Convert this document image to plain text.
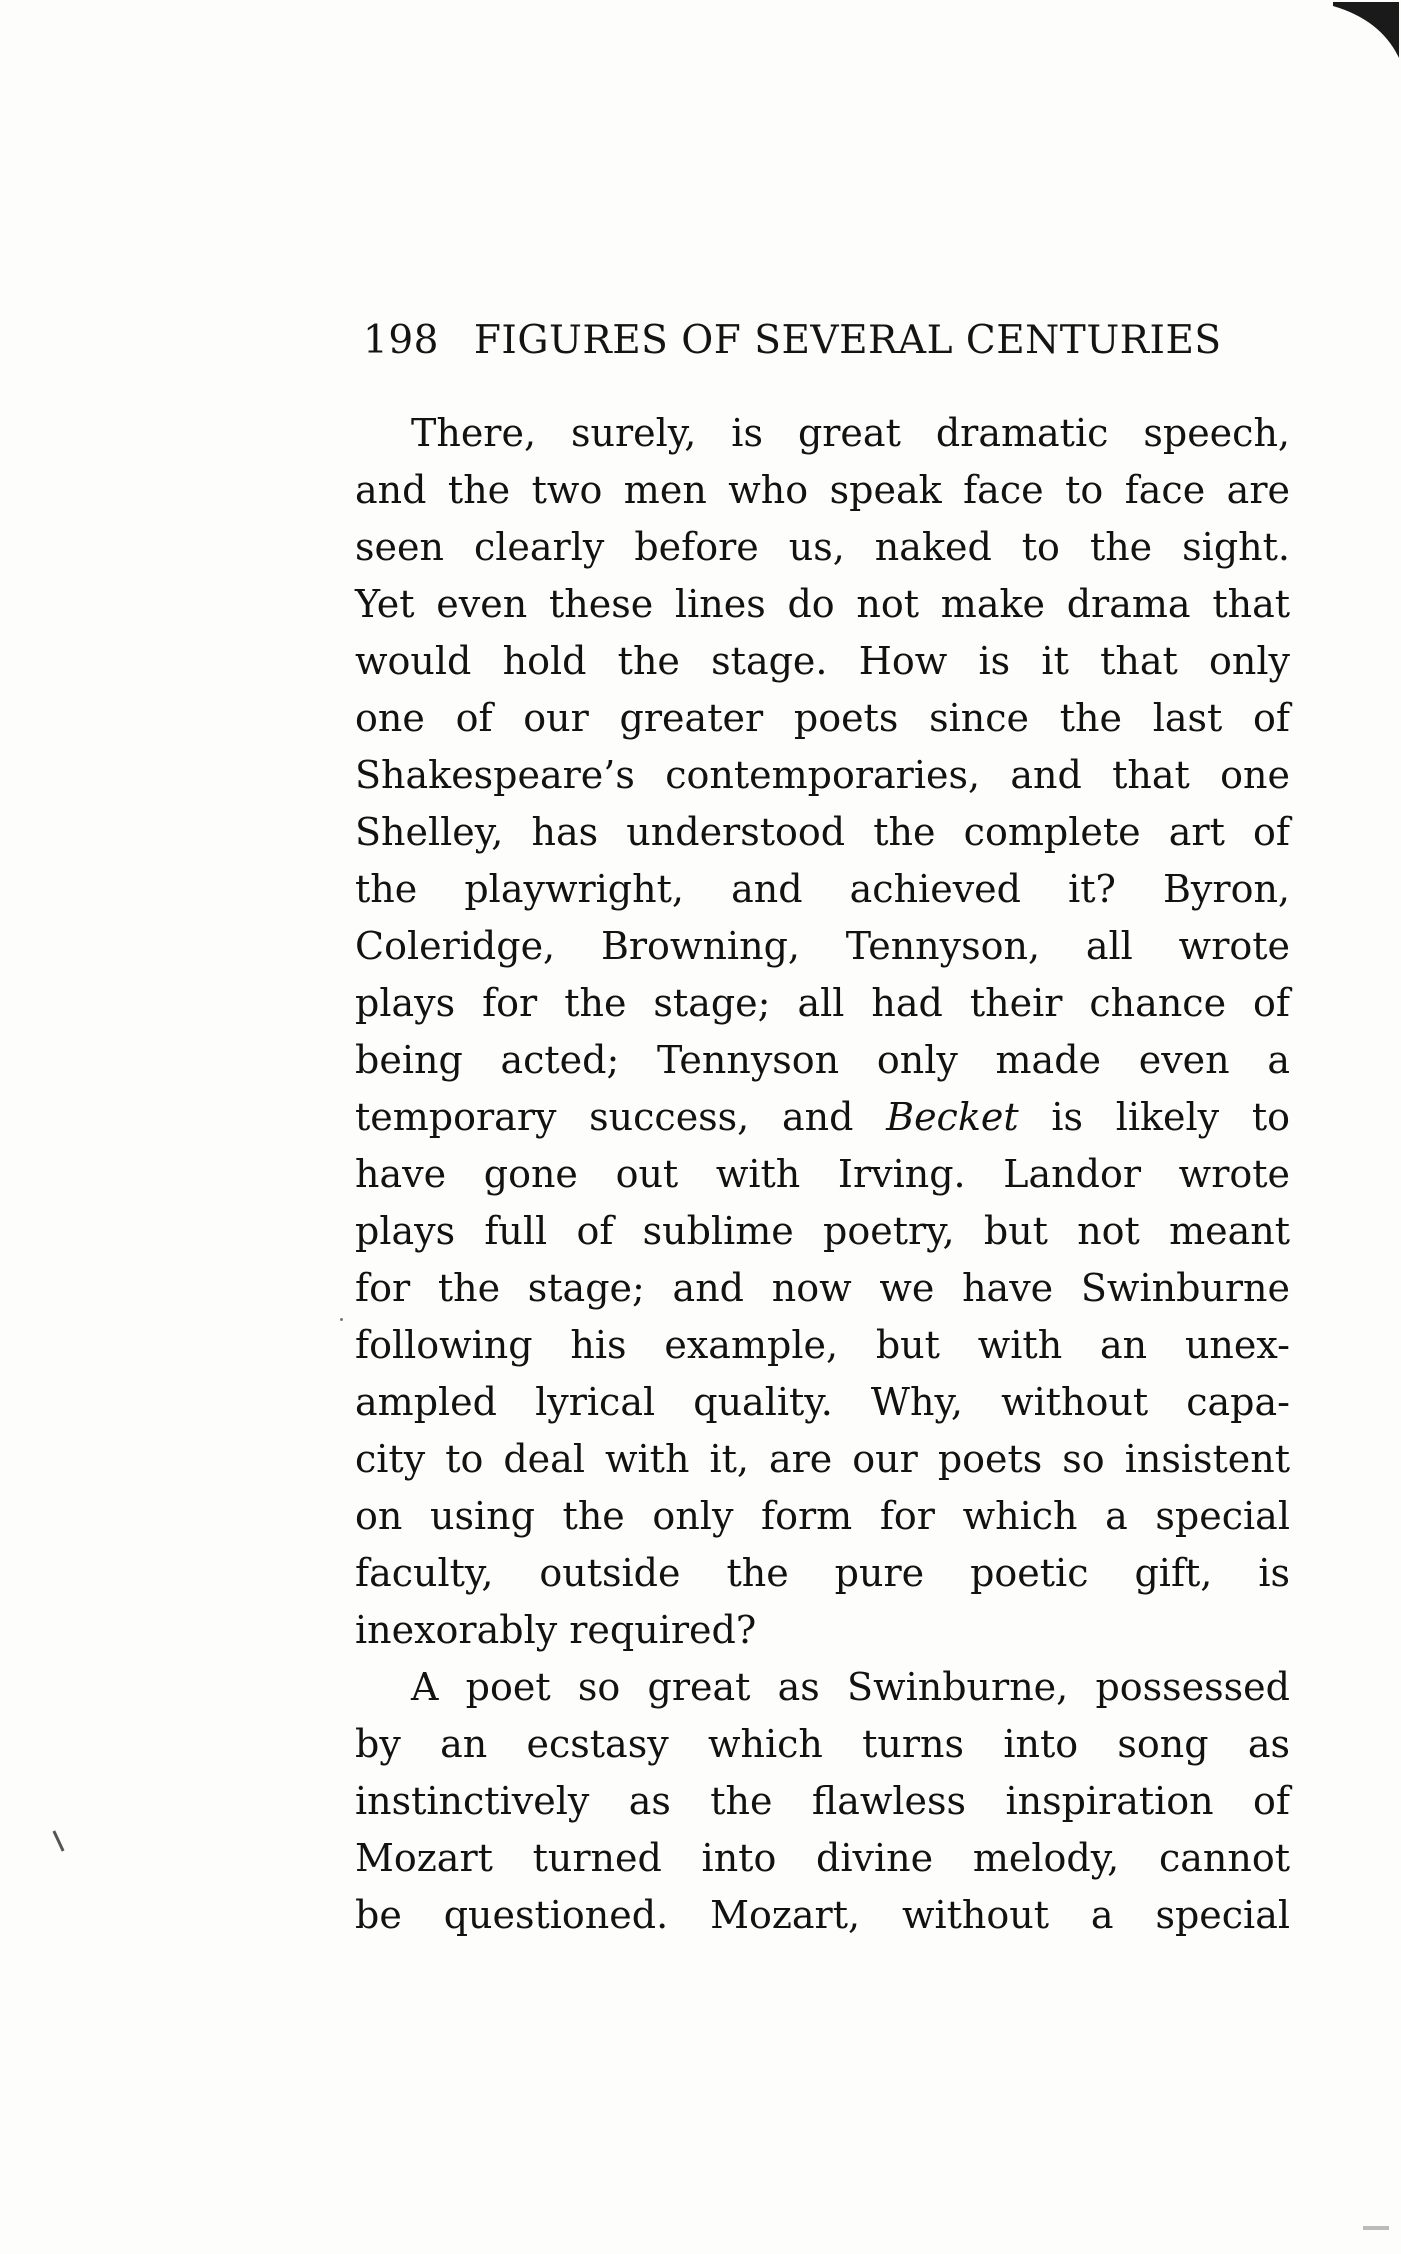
198 FIGURES OF SEVERAL CENTURIES
There, surely, is great dramatic speech,
and the two men who speak face to face are
seen clearly before us, naked to the sight.
Yet even these lines do not make drama that
would hold the stage. How is it that only
one of our greater poets since the last of
Shakespeare’s contemporaries, and that one
Shelley, has understood the complete art of
the playwright, and achieved it? Byron,
Coleridge, Browning, Tennyson, all wrote
plays for the stage; all had their chance of
being acted; Tennyson only made even a
temporary success, and Becket is likely to
have gone out with Irving. Landor wrote
plays full of sublime poetry, but not meant
for the stage; and now we have Swinburne
following his example, but with an unex-
ampled lyrical quality. Why, without capa-
city to deal with it, are our poets so insistent
on using the only form for which a special
faculty, outside the pure poetic gift, is
inexorably required?
A poet so great as Swinburne, possessed
by an ecstasy which turns into song as
instinctively as the flawless inspiration of
Mozart turned into divine melody, cannot
be questioned. Mozart, without a special
